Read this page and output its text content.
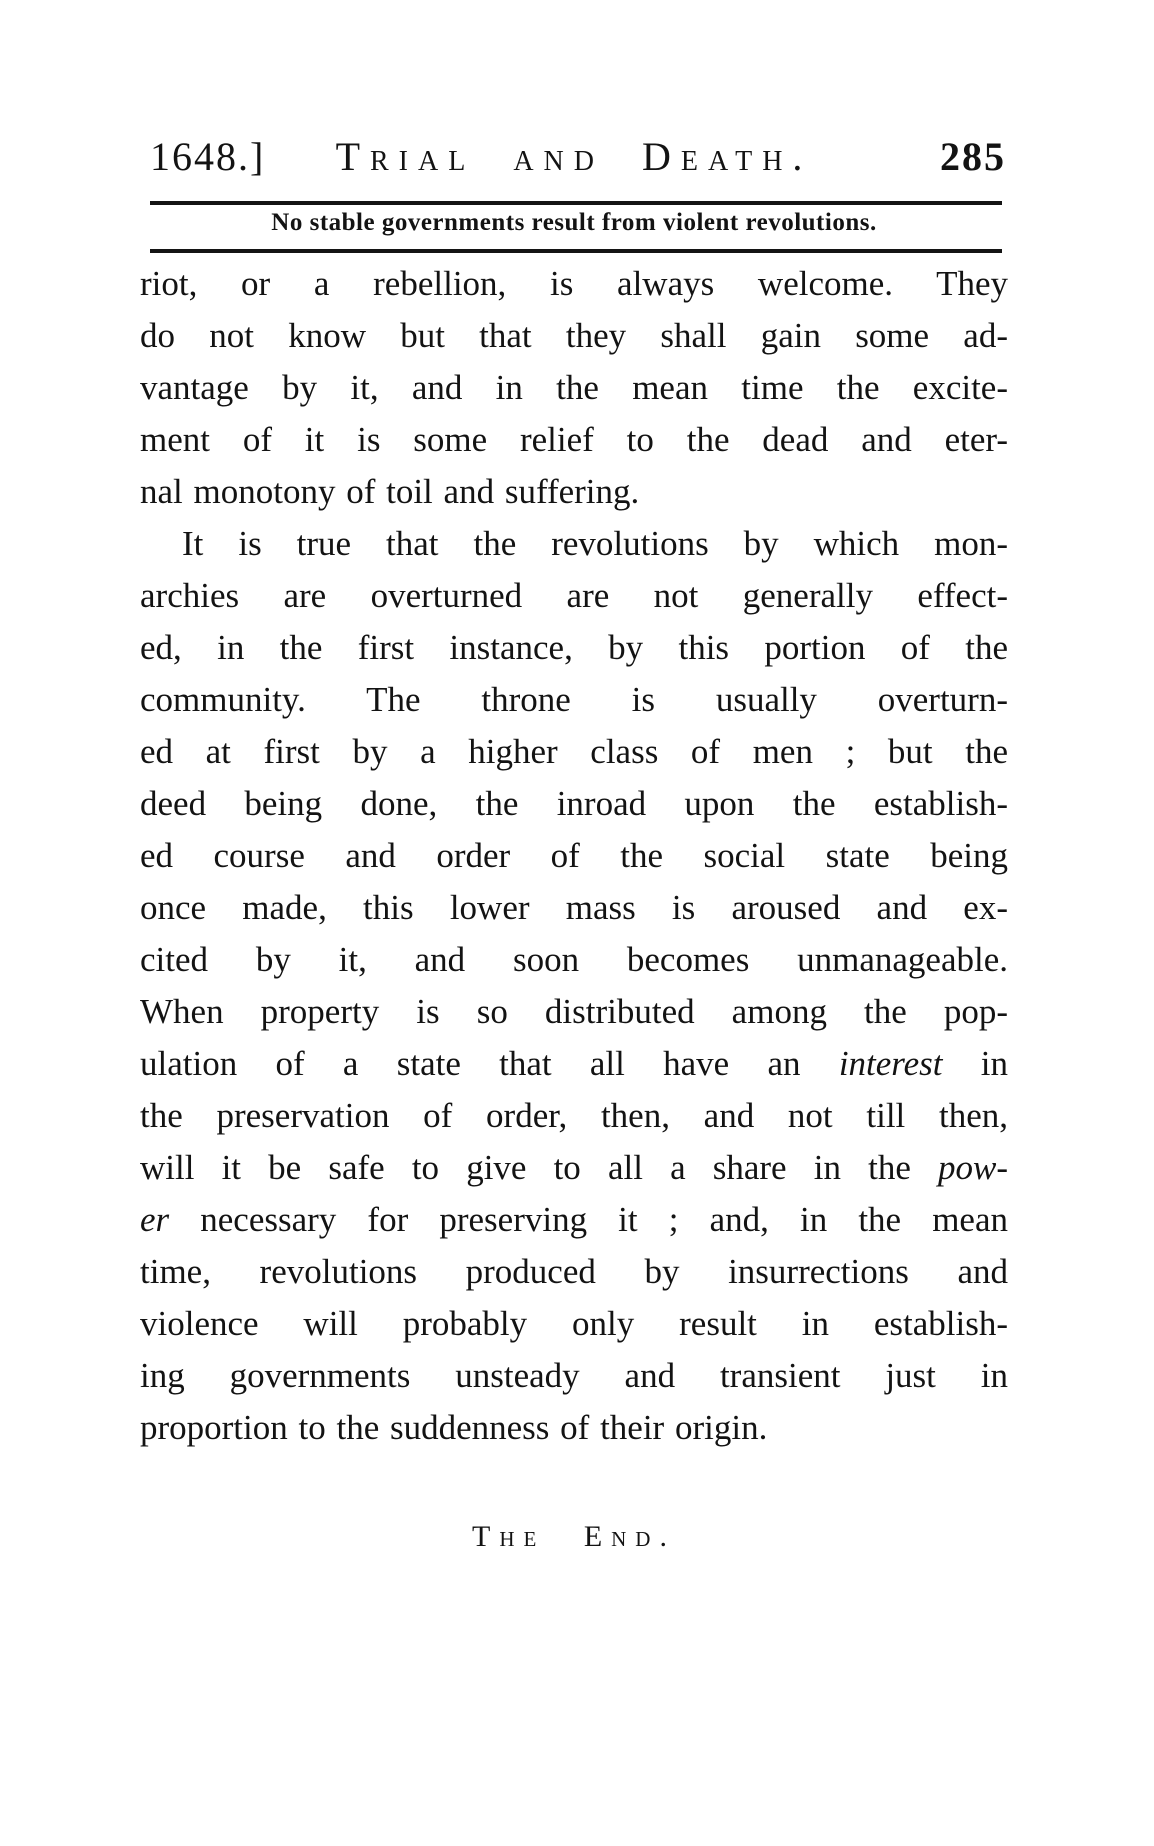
1648.]	Trial and Death.	285
No stable governments result from violent revolutions.
riot, or a rebellion, is always welcome. They
do not know but that they shall gain some ad-
vantage by it, and in the mean time the excite-
ment of it is some relief to the dead and eter-
nal monotony of toil and suffering.
It is true that the revolutions by which mon-
archies are overturned are not generally effect-
ed, in the first instance, by this portion of the
community. The throne is usually overturn-
ed at first by a higher class of men ; but the
deed being done, the inroad upon the establish-
ed course and order of the social state being
once made, this lower mass is aroused and ex-
cited by it, and soon becomes unmanageable.
When property is so distributed among the pop-
ulation of a state that all have an interest in
the preservation of order, then, and not till then,
will it be safe to give to all a share in the pow-
er necessary for preserving it ; and, in the mean
time, revolutions produced by insurrections and
violence will probably only result in establish-
ing governments unsteady and transient just in
proportion to the suddenness of their origin.
The End.
